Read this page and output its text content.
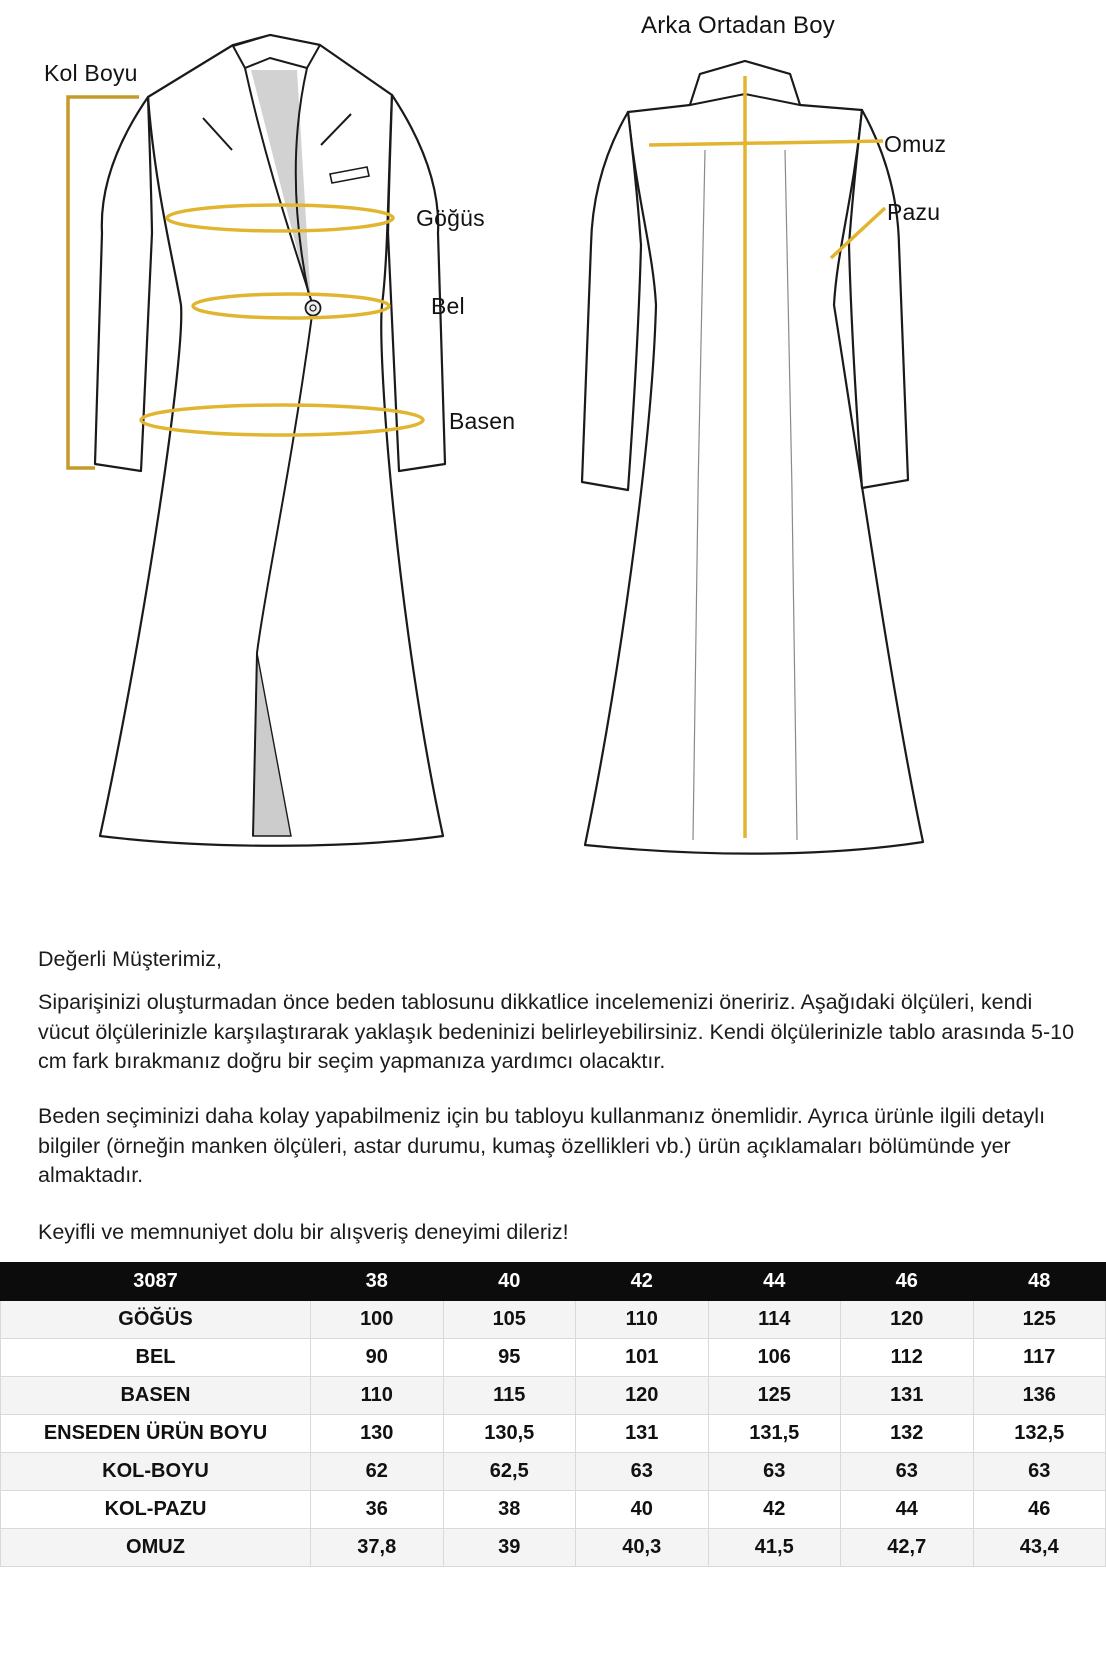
Kol Boyu
Göğüs
Bel
Basen
Arka Ortadan Boy
Omuz
Pazu
Değerli Müşterimiz,
Siparişinizi oluşturmadan önce beden tablosunu dikkatlice incelemenizi öneririz. Aşağıdaki ölçüleri, kendi vücut ölçülerinizle karşılaştırarak yaklaşık bedeninizi belirleyebilirsiniz. Kendi ölçülerinizle tablo arasında 5-10 cm fark bırakmanız doğru bir seçim yapmanıza yardımcı olacaktır.
Beden seçiminizi daha kolay yapabilmeniz için bu tabloyu kullanmanız önemlidir. Ayrıca ürünle ilgili detaylı bilgiler (örneğin manken ölçüleri, astar durumu, kumaş özellikleri vb.) ürün açıklamaları bölümünde yer almaktadır.
Keyifli ve memnuniyet dolu bir alışveriş deneyimi dileriz!
3087	38	40	42	44	46	48
GÖĞÜS	100	105	110	114	120	125
BEL	90	95	101	106	112	117
BASEN	110	115	120	125	131	136
ENSEDEN ÜRÜN BOYU	130	130,5	131	131,5	132	132,5
KOL-BOYU	62	62,5	63	63	63	63
KOL-PAZU	36	38	40	42	44	46
OMUZ	37,8	39	40,3	41,5	42,7	43,4
